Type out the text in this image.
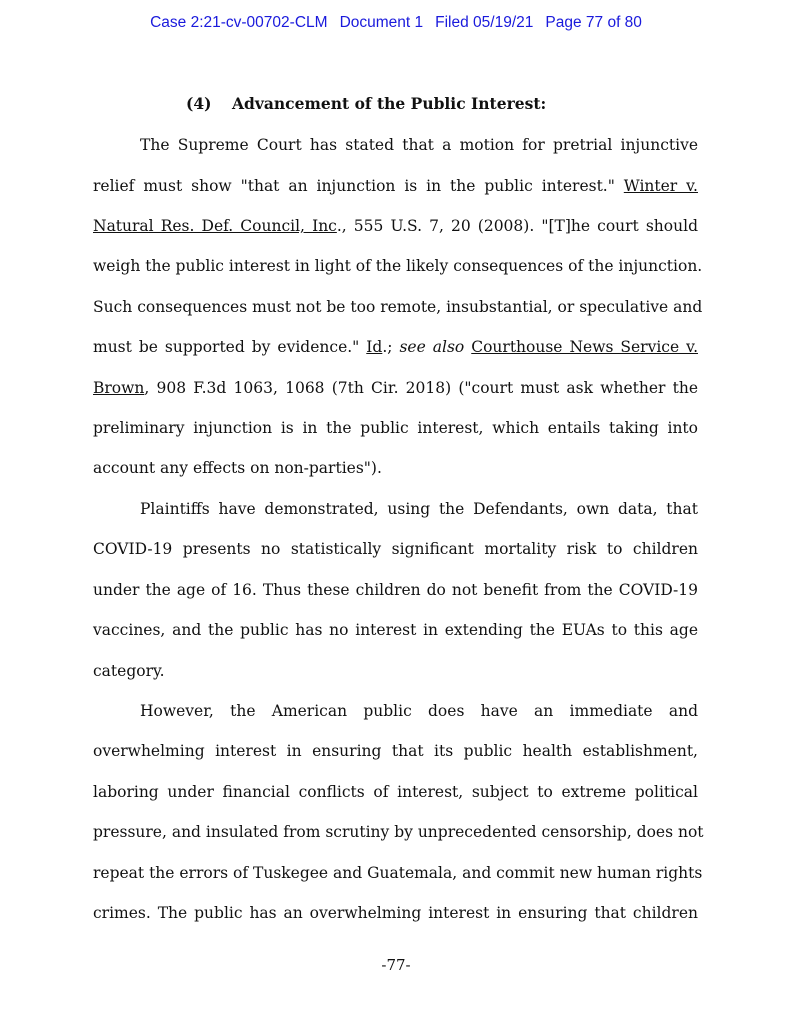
Case 2:21-cv-00702-CLM Document 1 Filed 05/19/21 Page 77 of 80
(4) Advancement of the Public Interest:
The Supreme Court has stated that a motion for pretrial injunctive
relief must show "that an injunction is in the public interest." Winter v.
Natural Res. Def. Council, Inc., 555 U.S. 7, 20 (2008). "[T]he court should
weigh the public interest in light of the likely consequences of the injunction.
Such consequences must not be too remote, insubstantial, or speculative and
must be supported by evidence." Id.; see also Courthouse News Service v.
Brown, 908 F.3d 1063, 1068 (7th Cir. 2018) ("court must ask whether the
preliminary injunction is in the public interest, which entails taking into
account any effects on non-parties").
Plaintiffs have demonstrated, using the Defendants, own data, that
COVID-19 presents no statistically significant mortality risk to children
under the age of 16. Thus these children do not benefit from the COVID-19
vaccines, and the public has no interest in extending the EUAs to this age
category.
However, the American public does have an immediate and
overwhelming interest in ensuring that its public health establishment,
laboring under financial conflicts of interest, subject to extreme political
pressure, and insulated from scrutiny by unprecedented censorship, does not
repeat the errors of Tuskegee and Guatemala, and commit new human rights
crimes. The public has an overwhelming interest in ensuring that children
-77-
